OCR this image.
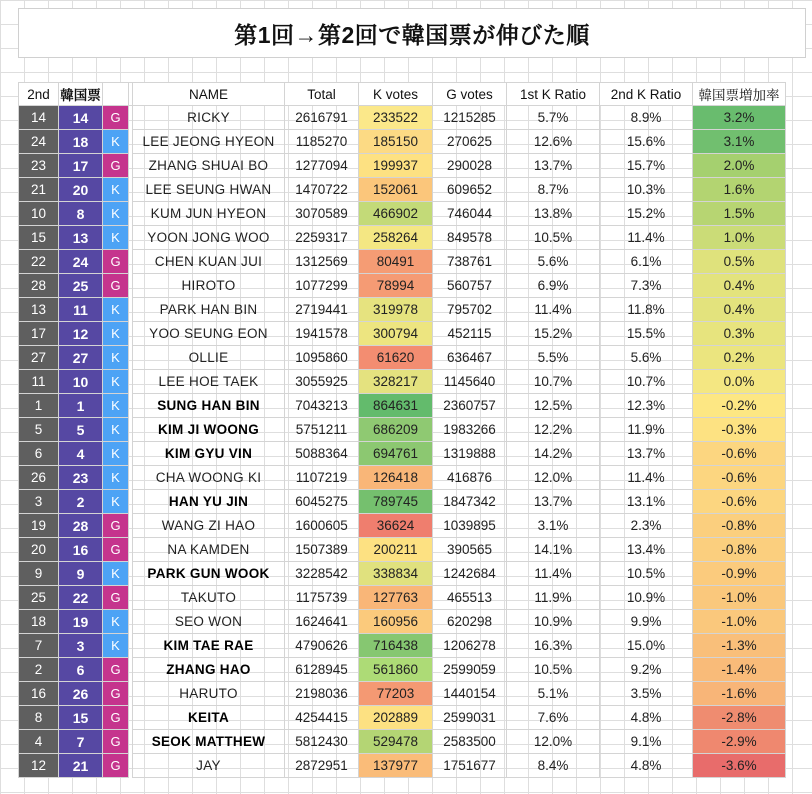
第1回→第2回で韓国票が伸びた順
2nd	韓国票			NAME	Total	K votes	G votes	1st K Ratio	2nd K Ratio	韓国票増加率
14	14	G		RICKY	2616791	233522	1215285	5.7%	8.9%	3.2%
24	18	K		LEE JEONG HYEON	1185270	185150	270625	12.6%	15.6%	3.1%
23	17	G		ZHANG SHUAI BO	1277094	199937	290028	13.7%	15.7%	2.0%
21	20	K		LEE SEUNG HWAN	1470722	152061	609652	8.7%	10.3%	1.6%
10	8	K		KUM JUN HYEON	3070589	466902	746044	13.8%	15.2%	1.5%
15	13	K		YOON JONG WOO	2259317	258264	849578	10.5%	11.4%	1.0%
22	24	G		CHEN KUAN JUI	1312569	80491	738761	5.6%	6.1%	0.5%
28	25	G		HIROTO	1077299	78994	560757	6.9%	7.3%	0.4%
13	11	K		PARK HAN BIN	2719441	319978	795702	11.4%	11.8%	0.4%
17	12	K		YOO SEUNG EON	1941578	300794	452115	15.2%	15.5%	0.3%
27	27	K		OLLIE	1095860	61620	636467	5.5%	5.6%	0.2%
11	10	K		LEE HOE TAEK	3055925	328217	1145640	10.7%	10.7%	0.0%
1	1	K		SUNG HAN BIN	7043213	864631	2360757	12.5%	12.3%	-0.2%
5	5	K		KIM JI WOONG	5751211	686209	1983266	12.2%	11.9%	-0.3%
6	4	K		KIM GYU VIN	5088364	694761	1319888	14.2%	13.7%	-0.6%
26	23	K		CHA WOONG KI	1107219	126418	416876	12.0%	11.4%	-0.6%
3	2	K		HAN YU JIN	6045275	789745	1847342	13.7%	13.1%	-0.6%
19	28	G		WANG ZI HAO	1600605	36624	1039895	3.1%	2.3%	-0.8%
20	16	G		NA KAMDEN	1507389	200211	390565	14.1%	13.4%	-0.8%
9	9	K		PARK GUN WOOK	3228542	338834	1242684	11.4%	10.5%	-0.9%
25	22	G		TAKUTO	1175739	127763	465513	11.9%	10.9%	-1.0%
18	19	K		SEO WON	1624641	160956	620298	10.9%	9.9%	-1.0%
7	3	K		KIM TAE RAE	4790626	716438	1206278	16.3%	15.0%	-1.3%
2	6	G		ZHANG HAO	6128945	561860	2599059	10.5%	9.2%	-1.4%
16	26	G		HARUTO	2198036	77203	1440154	5.1%	3.5%	-1.6%
8	15	G		KEITA	4254415	202889	2599031	7.6%	4.8%	-2.8%
4	7	G		SEOK MATTHEW	5812430	529478	2583500	12.0%	9.1%	-2.9%
12	21	G		JAY	2872951	137977	1751677	8.4%	4.8%	-3.6%
